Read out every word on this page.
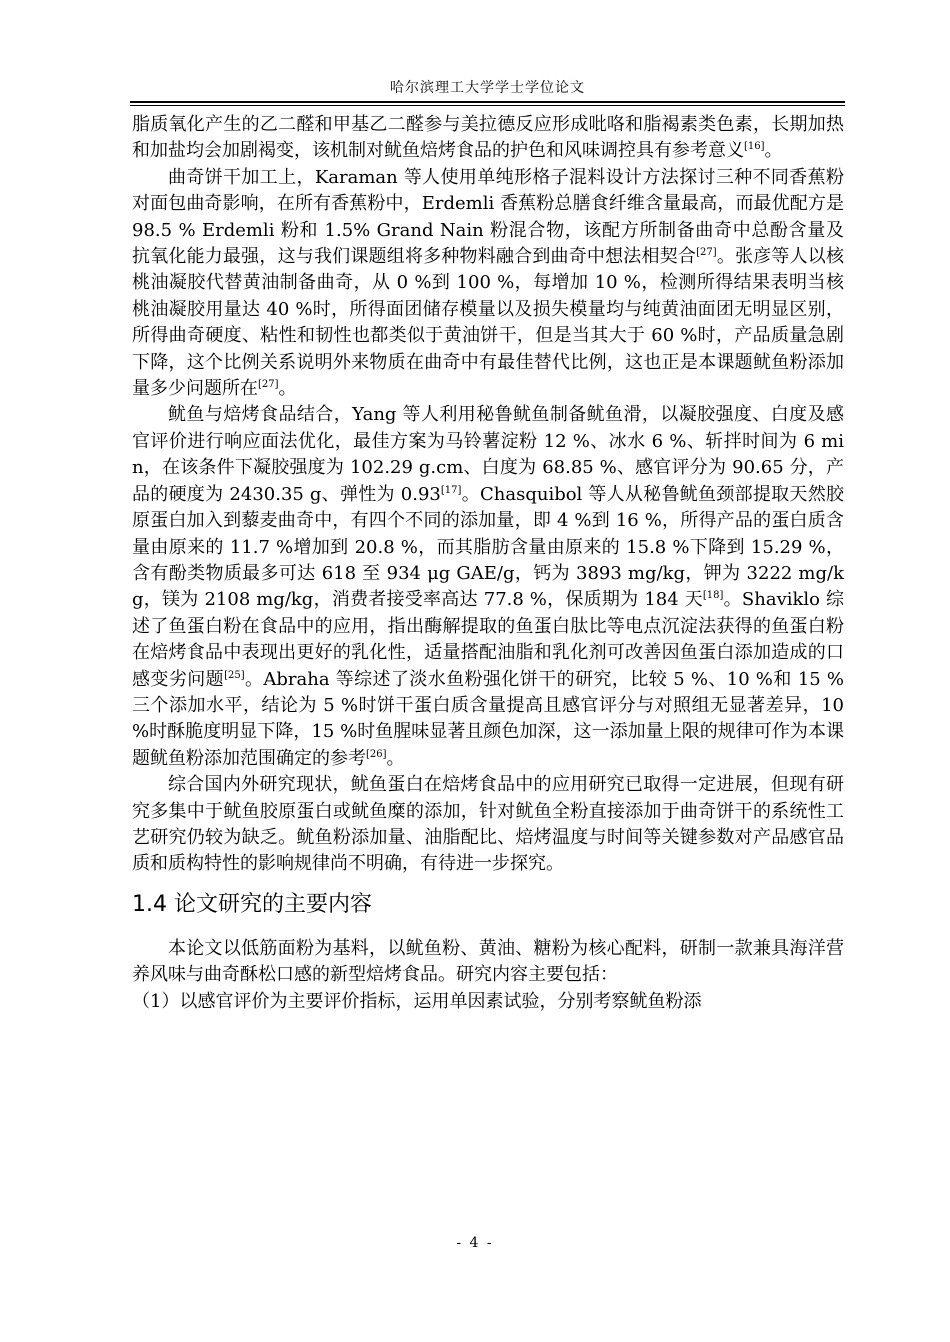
哈尔滨理工大学学士学位论文

脂质氧化产生的乙二醛和甲基乙二醛参与美拉德反应形成吡咯和脂褐素类色素，长期加热和加盐均会加剧褐变，该机制对鱿鱼焙烤食品的护色和风味调控具有参考意义[16]。

曲奇饼干加工上，Karaman 等人使用单纯形格子混料设计方法探讨三种不同香蕉粉对面包曲奇影响，在所有香蕉粉中，Erdemli 香蕉粉总膳食纤维含量最高，而最优配方是 98.5 % Erdemli 粉和 1.5% Grand Nain 粉混合物，该配方所制备曲奇中总酚含量及抗氧化能力最强，这与我们课题组将多种物料融合到曲奇中想法相契合[27]。张彦等人以核桃油凝胶代替黄油制备曲奇，从 0 %到 100 %，每增加 10 %，检测所得结果表明当核桃油凝胶用量达 40 %时，所得面团储存模量以及损失模量均与纯黄油面团无明显区别，所得曲奇硬度、粘性和韧性也都类似于黄油饼干，但是当其大于 60 %时，产品质量急剧下降，这个比例关系说明外来物质在曲奇中有最佳替代比例，这也正是本课题鱿鱼粉添加量多少问题所在[27]。

鱿鱼与焙烤食品结合，Yang 等人利用秘鲁鱿鱼制备鱿鱼滑，以凝胶强度、白度及感官评价进行响应面法优化，最佳方案为马铃薯淀粉 12 %、冰水 6 %、斩拌时间为 6 min，在该条件下凝胶强度为 102.29 g.cm、白度为 68.85 %、感官评分为 90.65 分，产品的硬度为 2430.35 g、弹性为 0.93[17]。Chasquibol 等人从秘鲁鱿鱼颈部提取天然胶原蛋白加入到藜麦曲奇中，有四个不同的添加量，即 4 %到 16 %，所得产品的蛋白质含量由原来的 11.7 %增加到 20.8 %，而其脂肪含量由原来的 15.8 %下降到 15.29 %，含有酚类物质最多可达 618 至 934 μg GAE/g，钙为 3893 mg/kg，钾为 3222 mg/kg，镁为 2108 mg/kg，消费者接受率高达 77.8 %，保质期为 184 天[18]。Shaviklo 综述了鱼蛋白粉在食品中的应用，指出酶解提取的鱼蛋白肽比等电点沉淀法获得的鱼蛋白粉在焙烤食品中表现出更好的乳化性，适量搭配油脂和乳化剂可改善因鱼蛋白添加造成的口感变劣问题[25]。Abraha 等综述了淡水鱼粉强化饼干的研究，比较 5 %、10 %和 15 %三个添加水平，结论为 5 %时饼干蛋白质含量提高且感官评分与对照组无显著差异，10 %时酥脆度明显下降，15 %时鱼腥味显著且颜色加深，这一添加量上限的规律可作为本课题鱿鱼粉添加范围确定的参考[26]。

综合国内外研究现状，鱿鱼蛋白在焙烤食品中的应用研究已取得一定进展，但现有研究多集中于鱿鱼胶原蛋白或鱿鱼糜的添加，针对鱿鱼全粉直接添加于曲奇饼干的系统性工艺研究仍较为缺乏。鱿鱼粉添加量、油脂配比、焙烤温度与时间等关键参数对产品感官品质和质构特性的影响规律尚不明确，有待进一步探究。

1.4 论文研究的主要内容

本论文以低筋面粉为基料，以鱿鱼粉、黄油、糖粉为核心配料，研制一款兼具海洋营养风味与曲奇酥松口感的新型焙烤食品。研究内容主要包括：

（1）以感官评价为主要评价指标，运用单因素试验，分别考察鱿鱼粉添

- 4 -
